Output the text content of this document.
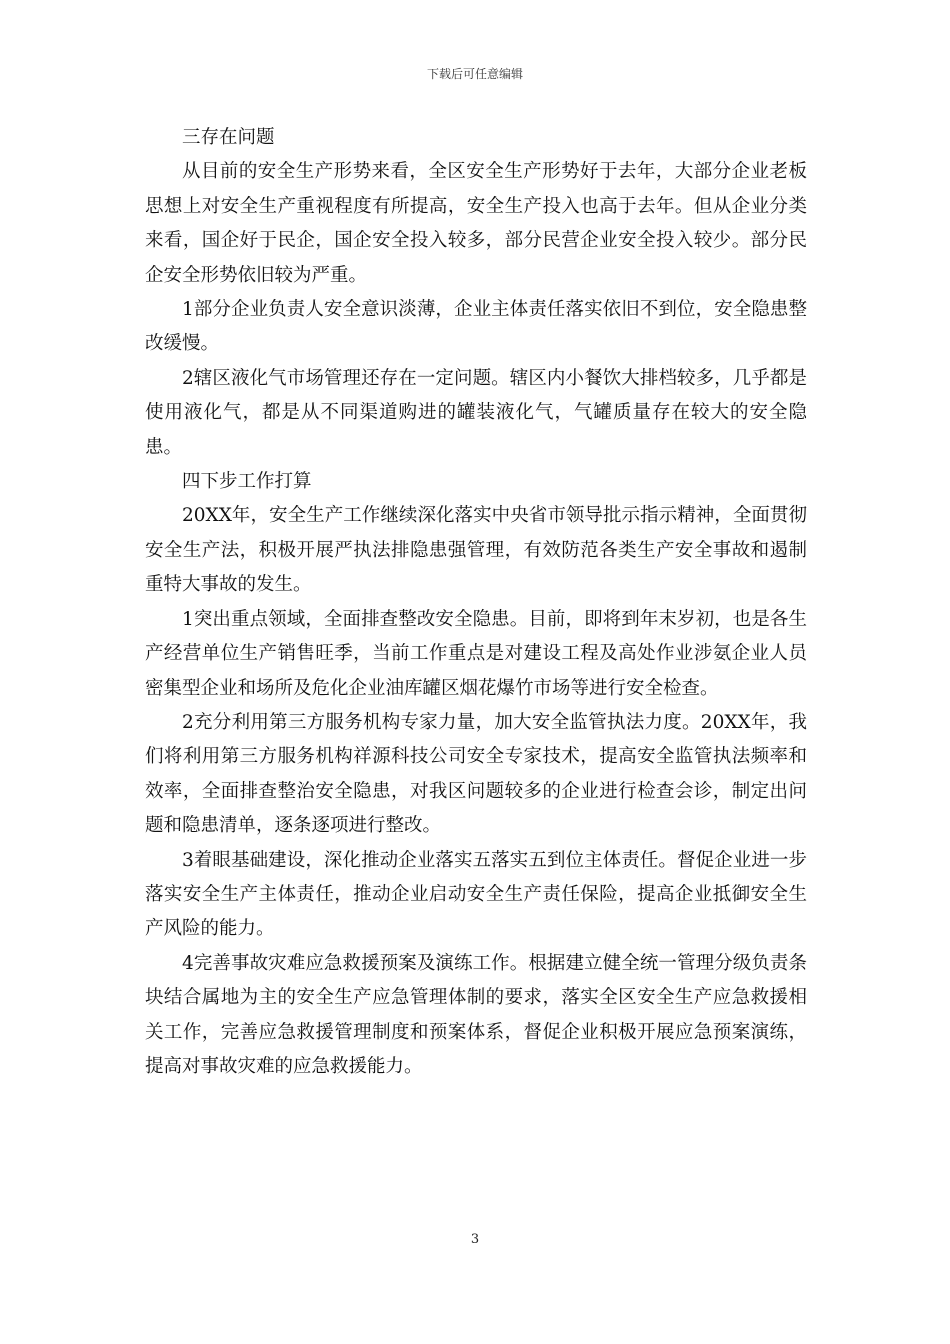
下载后可任意编辑

三存在问题

从目前的安全生产形势来看，全区安全生产形势好于去年，大部分企业老板思想上对安全生产重视程度有所提高，安全生产投入也高于去年。但从企业分类来看，国企好于民企，国企安全投入较多，部分民营企业安全投入较少。部分民企安全形势依旧较为严重。

1部分企业负责人安全意识淡薄，企业主体责任落实依旧不到位，安全隐患整改缓慢。

2辖区液化气市场管理还存在一定问题。辖区内小餐饮大排档较多，几乎都是使用液化气，都是从不同渠道购进的罐装液化气，气罐质量存在较大的安全隐患。

四下步工作打算

20XX年，安全生产工作继续深化落实中央省市领导批示指示精神，全面贯彻安全生产法，积极开展严执法排隐患强管理，有效防范各类生产安全事故和遏制重特大事故的发生。

1突出重点领域，全面排查整改安全隐患。目前，即将到年末岁初，也是各生产经营单位生产销售旺季，当前工作重点是对建设工程及高处作业涉氨企业人员密集型企业和场所及危化企业油库罐区烟花爆竹市场等进行安全检查。

2充分利用第三方服务机构专家力量，加大安全监管执法力度。20XX年，我们将利用第三方服务机构祥源科技公司安全专家技术，提高安全监管执法频率和效率，全面排查整治安全隐患，对我区问题较多的企业进行检查会诊，制定出问题和隐患清单，逐条逐项进行整改。

3着眼基础建设，深化推动企业落实五落实五到位主体责任。督促企业进一步落实安全生产主体责任，推动企业启动安全生产责任保险，提高企业抵御安全生产风险的能力。

4完善事故灾难应急救援预案及演练工作。根据建立健全统一管理分级负责条块结合属地为主的安全生产应急管理体制的要求，落实全区安全生产应急救援相关工作，完善应急救援管理制度和预案体系，督促企业积极开展应急预案演练，提高对事故灾难的应急救援能力。

3
